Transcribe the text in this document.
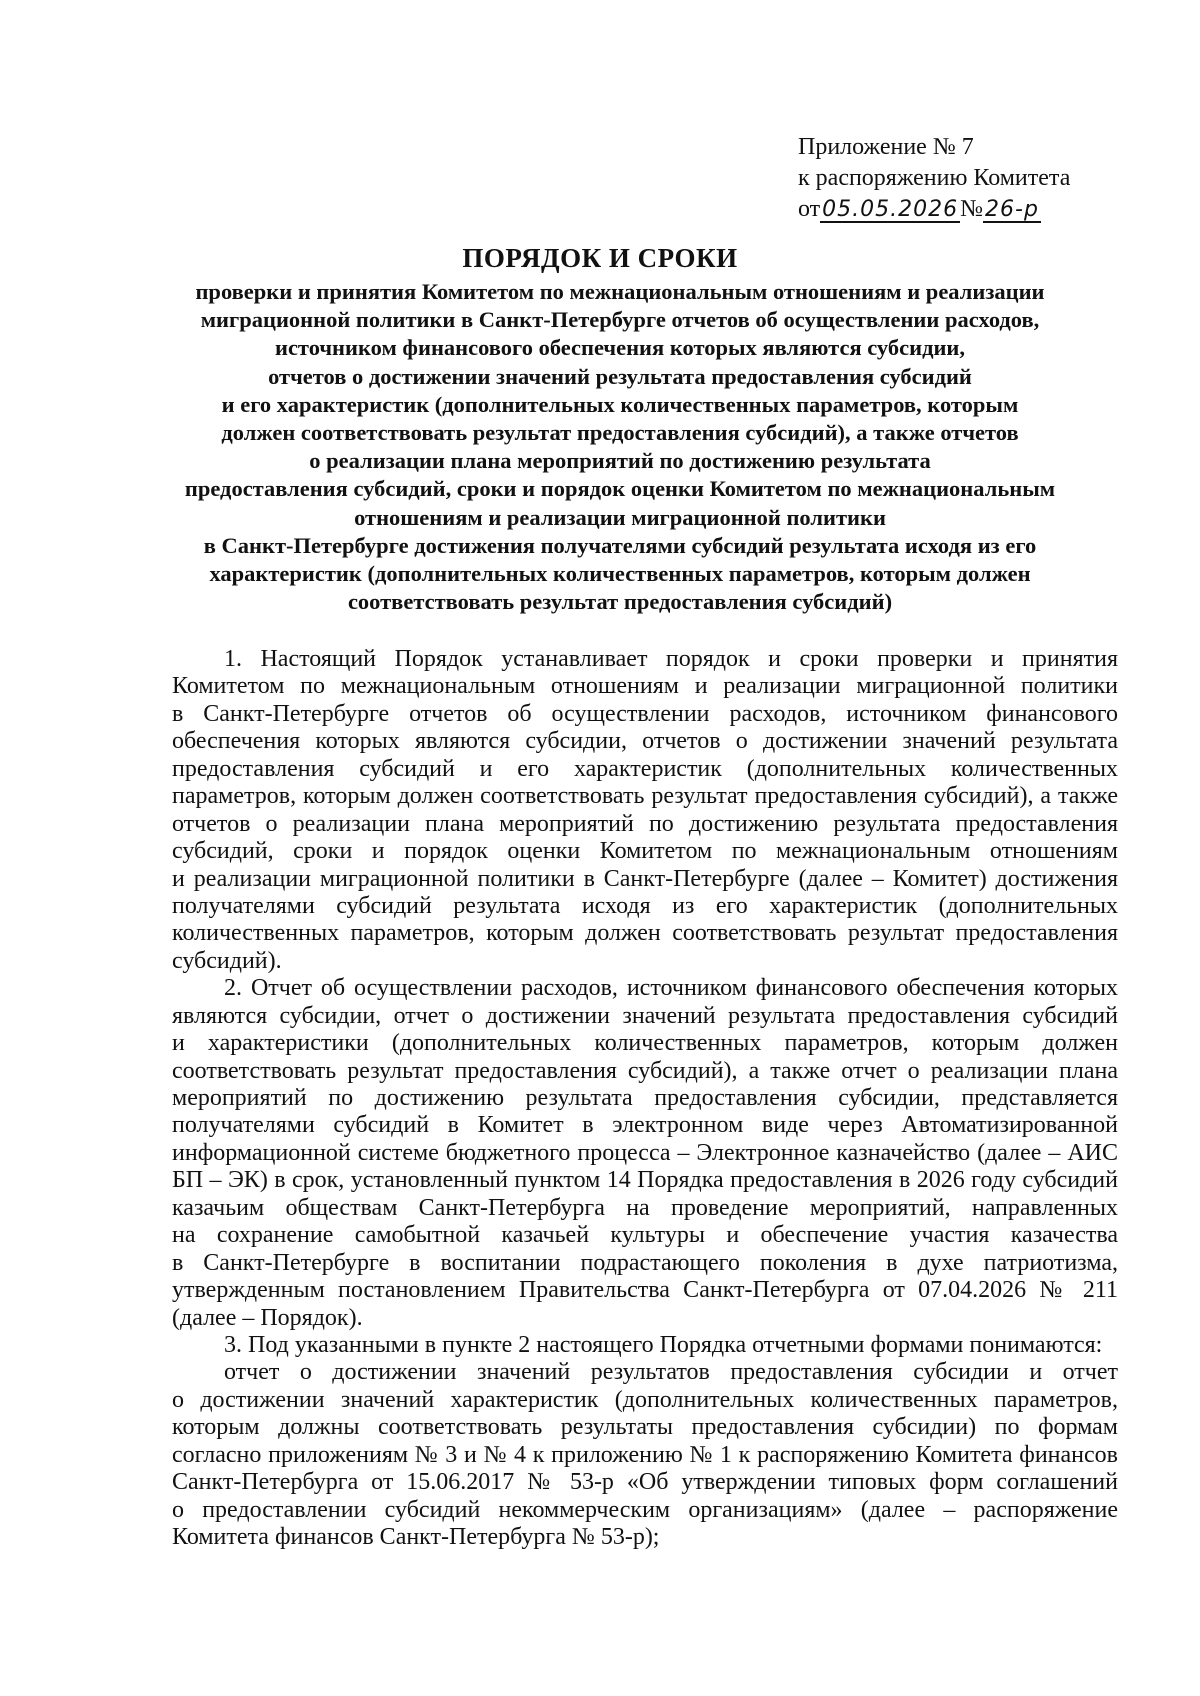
Приложение № 7
к распоряжению Комитета
от05.05.2026№26-р
ПОРЯДОК И СРОКИ
проверки и принятия Комитетом по межнациональным отношениям и реализации
миграционной политики в Санкт-Петербурге отчетов об осуществлении расходов,
источником финансового обеспечения которых являются субсидии,
отчетов о достижении значений результата предоставления субсидий
и его характеристик (дополнительных количественных параметров, которым
должен соответствовать результат предоставления субсидий), а также отчетов
о реализации плана мероприятий по достижению результата
предоставления субсидий, сроки и порядок оценки Комитетом по межнациональным
отношениям и реализации миграционной политики
в Санкт-Петербурге достижения получателями субсидий результата исходя из его
характеристик (дополнительных количественных параметров, которым должен
соответствовать результат предоставления субсидий)
1. Настоящий Порядок устанавливает порядок и сроки проверки и принятия
Комитетом по межнациональным отношениям и реализации миграционной политики
в Санкт-Петербурге отчетов об осуществлении расходов, источником финансового
обеспечения которых являются субсидии, отчетов о достижении значений результата
предоставления субсидий и его характеристик (дополнительных количественных
параметров, которым должен соответствовать результат предоставления субсидий), а также
отчетов о реализации плана мероприятий по достижению результата предоставления
субсидий, сроки и порядок оценки Комитетом по межнациональным отношениям
и реализации миграционной политики в Санкт-Петербурге (далее – Комитет) достижения
получателями субсидий результата исходя из его характеристик (дополнительных
количественных параметров, которым должен соответствовать результат предоставления
субсидий).
2. Отчет об осуществлении расходов, источником финансового обеспечения которых
являются субсидии, отчет о достижении значений результата предоставления субсидий
и характеристики (дополнительных количественных параметров, которым должен
соответствовать результат предоставления субсидий), а также отчет о реализации плана
мероприятий по достижению результата предоставления субсидии, представляется
получателями субсидий в Комитет в электронном виде через Автоматизированной
информационной системе бюджетного процесса – Электронное казначейство (далее – АИС
БП – ЭК) в срок, установленный пунктом 14 Порядка предоставления в 2026 году субсидий
казачьим обществам Санкт-Петербурга на проведение мероприятий, направленных
на сохранение самобытной казачьей культуры и обеспечение участия казачества
в Санкт-Петербурге в воспитании подрастающего поколения в духе патриотизма,
утвержденным постановлением Правительства Санкт-Петербурга от 07.04.2026 № 211
(далее – Порядок).
3. Под указанными в пункте 2 настоящего Порядка отчетными формами понимаются:
отчет о достижении значений результатов предоставления субсидии и отчет
о достижении значений характеристик (дополнительных количественных параметров,
которым должны соответствовать результаты предоставления субсидии) по формам
согласно приложениям № 3 и № 4 к приложению № 1 к распоряжению Комитета финансов
Санкт-Петербурга от 15.06.2017 № 53-р «Об утверждении типовых форм соглашений
о предоставлении субсидий некоммерческим организациям» (далее – распоряжение
Комитета финансов Санкт-Петербурга № 53-р);
